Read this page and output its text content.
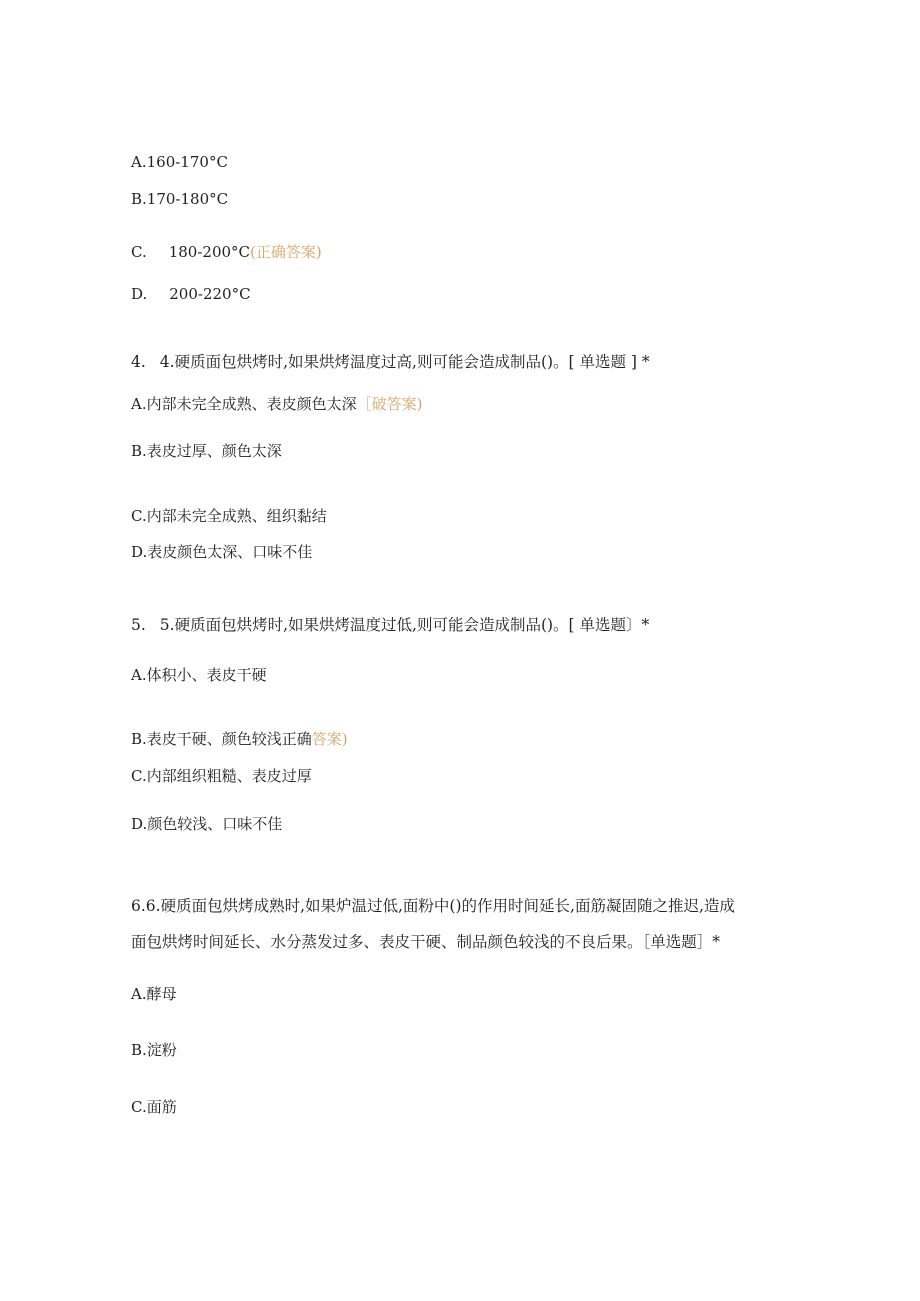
A.160-170°C
B.170-180°C
C. 180-200°C(正确答案)
D. 200-220°C
4. 4.硬质面包烘烤时,如果烘烤温度过高,则可能会造成制品()。[ 单选题 ] *
A.内部未完全成熟、表皮颜色太深［破答案)
B.表皮过厚、颜色太深
C.内部未完全成熟、组织黏结
D.表皮颜色太深、口味不佳
5. 5.硬质面包烘烤时,如果烘烤温度过低,则可能会造成制品()。[ 单选题〕*
A.体积小、表皮干硬
B.表皮干硬、颜色较浅正确答案)
C.内部组织粗糙、表皮过厚
D.颜色较浅、口味不佳
6.6.硬质面包烘烤成熟时,如果炉温过低,面粉中()的作用时间延长,面筋凝固随之推迟,造成
面包烘烤时间延长、水分蒸发过多、表皮干硬、制品颜色较浅的不良后果。［单选题］*
A.酵母
B.淀粉
C.面筋
